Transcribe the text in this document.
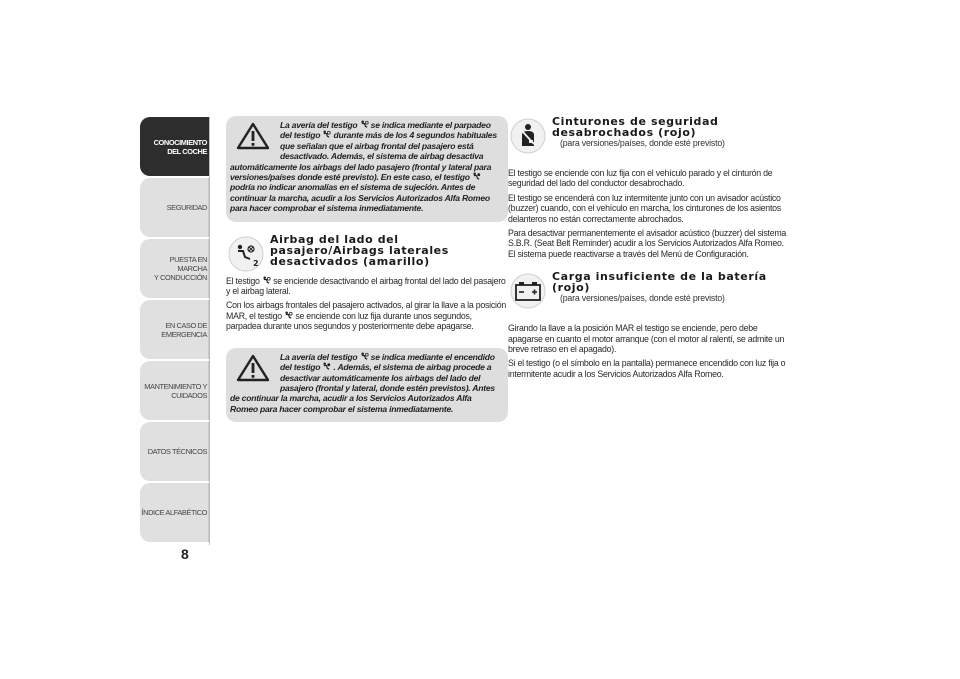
CONOCIMIENTO
DEL COCHE
SEGURIDAD
PUESTA EN MARCHA
Y CONDUCCIÓN
EN CASO DE
EMERGENCIA
MANTENIMIENTO Y
CUIDADOS
DATOS TÉCNICOS
ÍNDICE ALFABÉTICO
8
La avería del testigo se indica mediante el parpadeo del testigo durante más de los 4 segundos habituales que señalan que el airbag frontal del pasajero está desactivado. Además, el sistema de airbag desactiva automáticamente los airbags del lado pasajero (frontal y lateral para versiones/países donde esté previsto). En este caso, el testigo  podría no indicar anomalías en el sistema de sujeción. Antes de continuar la marcha, acudir a los Servicios Autorizados Alfa Romeo para hacer comprobar el sistema inmediatamente.
2
Airbag del lado del pasajero/Airbags laterales desactivados (amarillo)

El testigo se enciende desactivando el airbag frontal del lado del pasajero y el airbag lateral.

Con los airbags frontales del pasajero activados, al girar la llave a la posición MAR, el testigo se enciende con luz fija durante unos segundos, parpadea durante unos segundos y posteriormente debe apagarse.

La avería del testigo se indica mediante el encendido del testigo . Además, el sistema de airbag procede a desactivar automáticamente los airbags del lado del pasajero (frontal y lateral, donde estén previstos). Antes de continuar la marcha, acudir a los Servicios Autorizados Alfa Romeo para hacer comprobar el sistema inmediatamente.
Cinturones de seguridad desabrochados (rojo)
(para versiones/países, donde esté previsto)

El testigo se enciende con luz fija con el vehículo parado y el cinturón de seguridad del lado del conductor desabrochado.

El testigo se encenderá con luz intermitente junto con un avisador acústico (buzzer) cuando, con el vehículo en marcha, los cinturones de los asientos delanteros no están correctamente abrochados.

Para desactivar permanentemente el avisador acústico (buzzer) del sistema S.B.R. (Seat Belt Reminder) acudir a los Servicios Autorizados Alfa Romeo. El sistema puede reactivarse a través del Menú de Configuración.

Carga insuficiente de la batería (rojo)
(para versiones/países, donde esté previsto)

Girando la llave a la posición MAR el testigo se enciende, pero debe apagarse en cuanto el motor arranque (con el motor al ralentí, se admite un breve retraso en el apagado).

Si el testigo (o el símbolo en la pantalla) permanece encendido con luz fija o intermitente acudir a los Servicios Autorizados Alfa Romeo.
